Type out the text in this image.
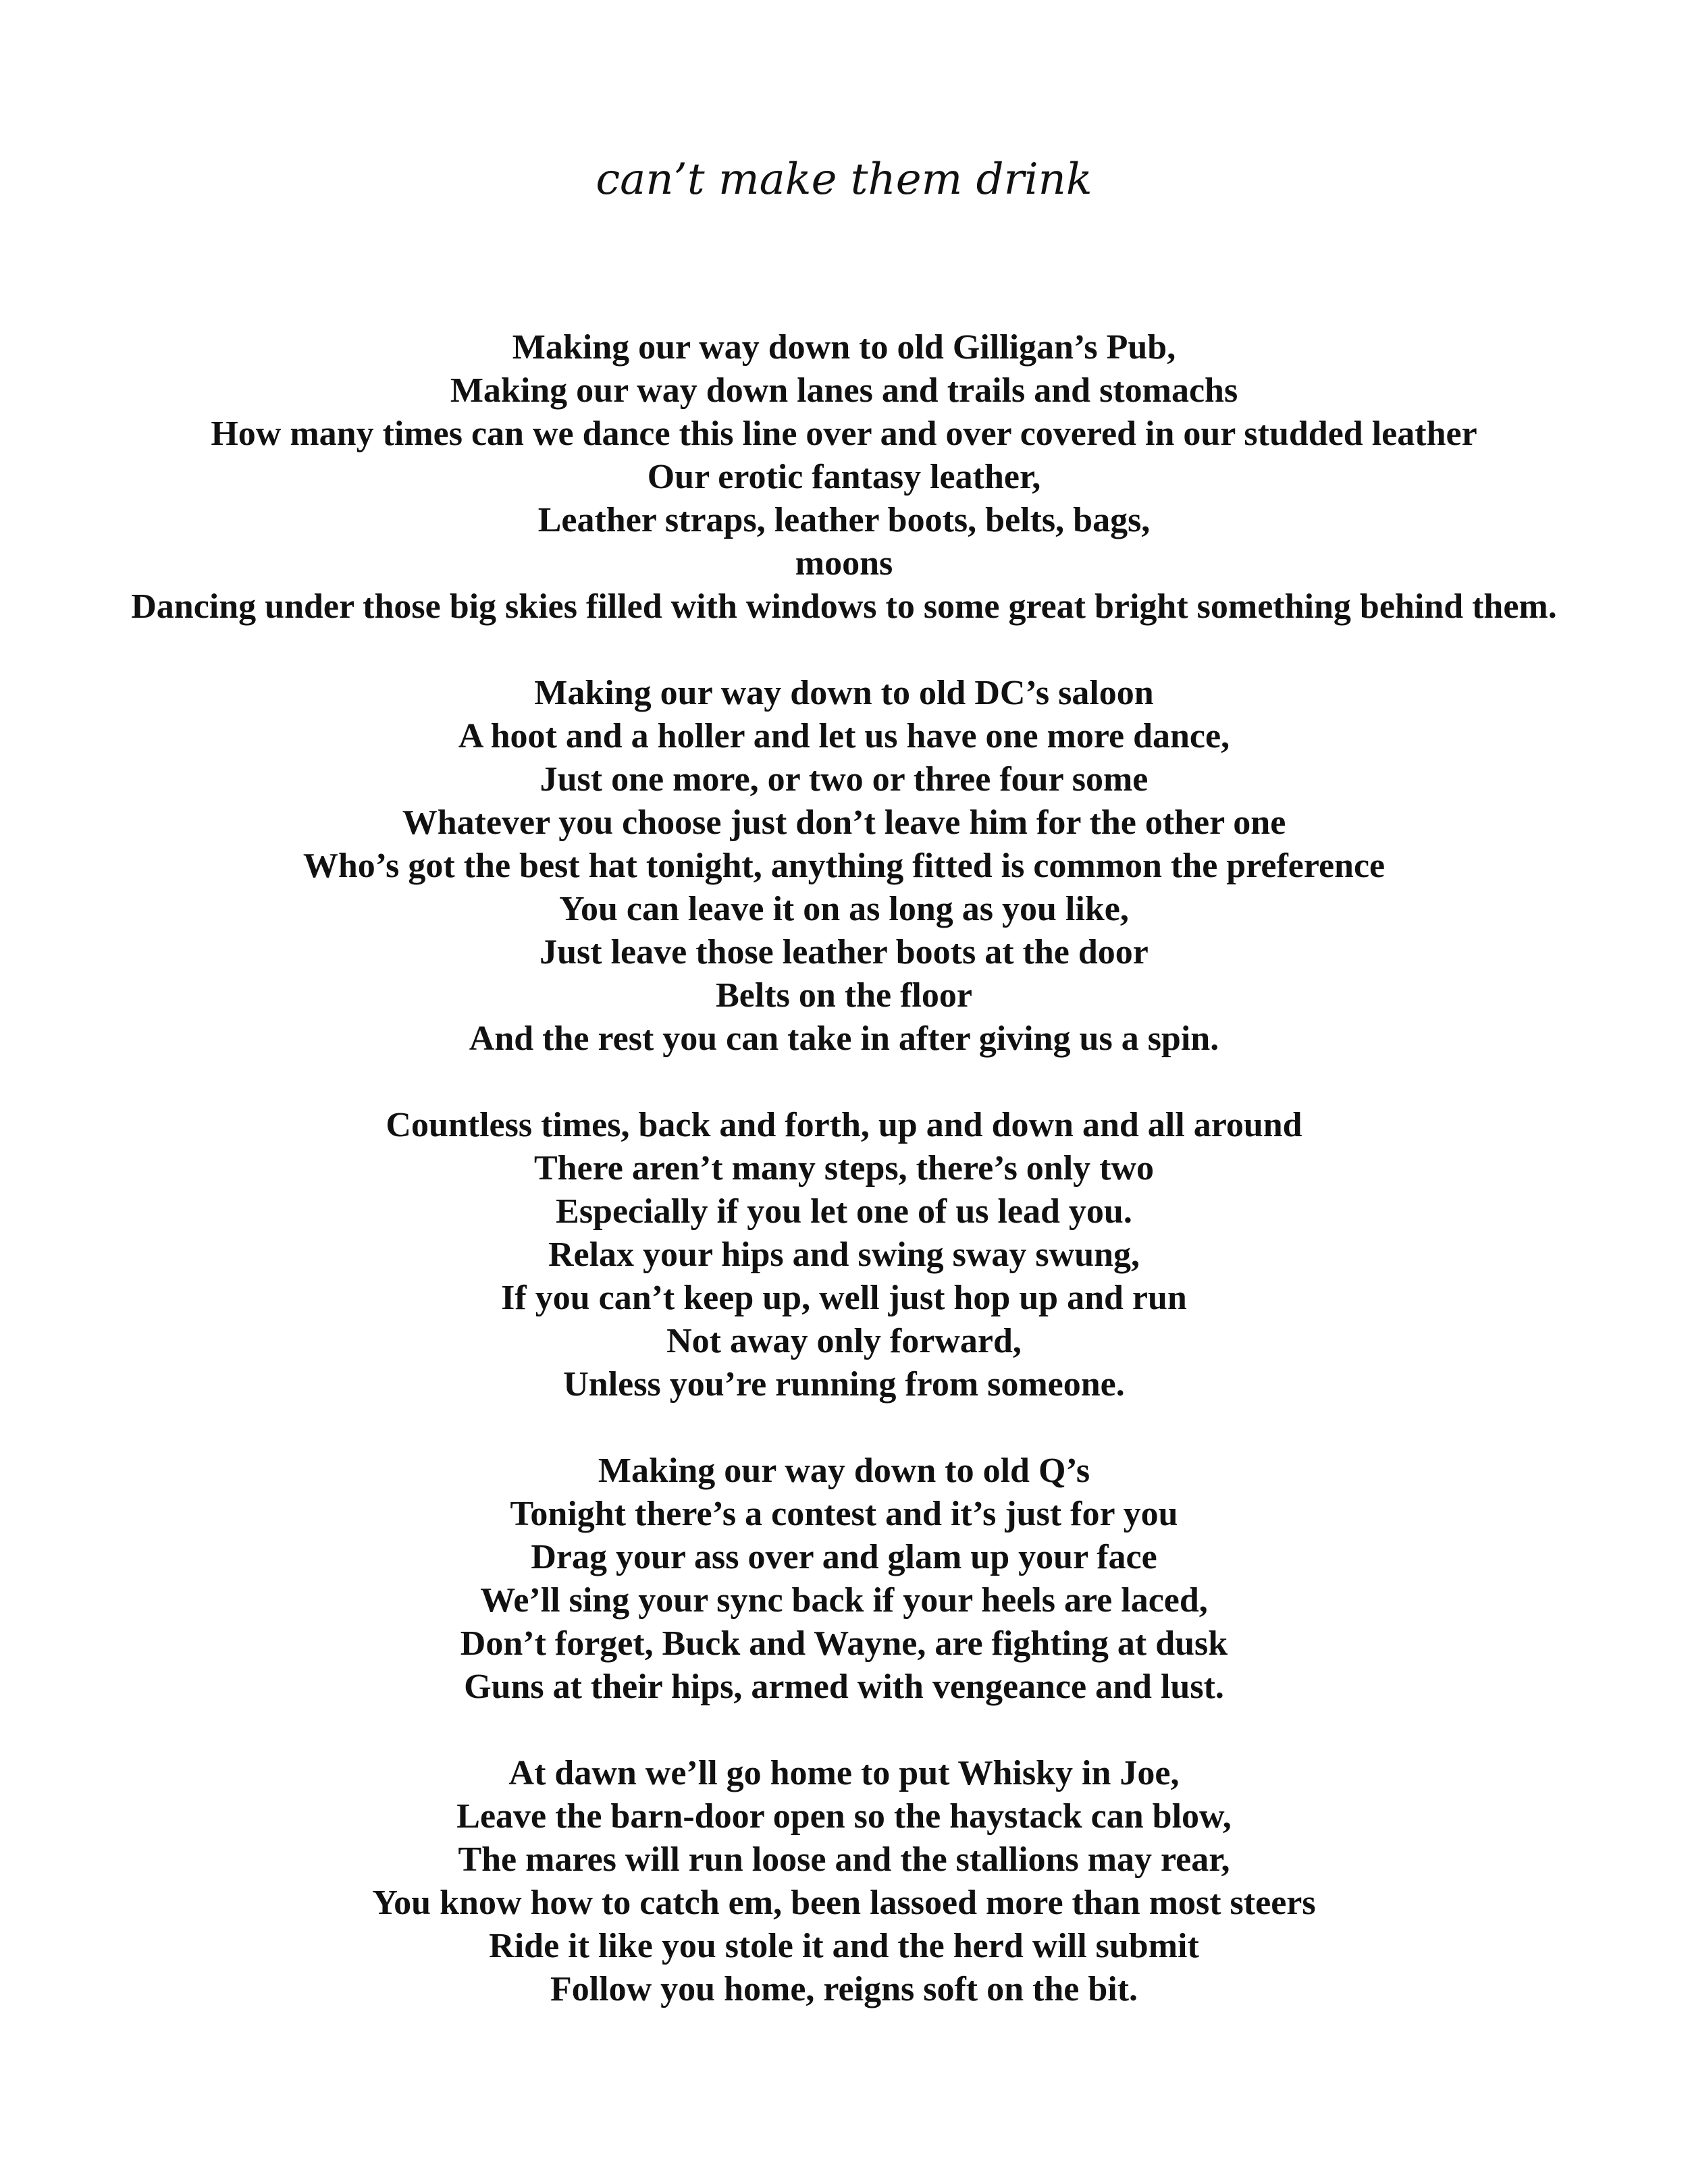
can’t make them drink
Making our way down to old Gilligan’s Pub,
Making our way down lanes and trails and stomachs
How many times can we dance this line over and over covered in our studded leather
Our erotic fantasy leather,
Leather straps, leather boots, belts, bags,
moons
Dancing under those big skies filled with windows to some great bright something behind them.
Making our way down to old DC’s saloon
A hoot and a holler and let us have one more dance,
Just one more, or two or three four some
Whatever you choose just don’t leave him for the other one
Who’s got the best hat tonight, anything fitted is common the preference
You can leave it on as long as you like,
Just leave those leather boots at the door
Belts on the floor
And the rest you can take in after giving us a spin.
Countless times, back and forth, up and down and all around
There aren’t many steps, there’s only two
Especially if you let one of us lead you.
Relax your hips and swing sway swung,
If you can’t keep up, well just hop up and run
Not away only forward,
Unless you’re running from someone.
Making our way down to old Q’s
Tonight there’s a contest and it’s just for you
Drag your ass over and glam up your face
We’ll sing your sync back if your heels are laced,
Don’t forget, Buck and Wayne, are fighting at dusk
Guns at their hips, armed with vengeance and lust.
At dawn we’ll go home to put Whisky in Joe,
Leave the barn-door open so the haystack can blow,
The mares will run loose and the stallions may rear,
You know how to catch em, been lassoed more than most steers
Ride it like you stole it and the herd will submit
Follow you home, reigns soft on the bit.
